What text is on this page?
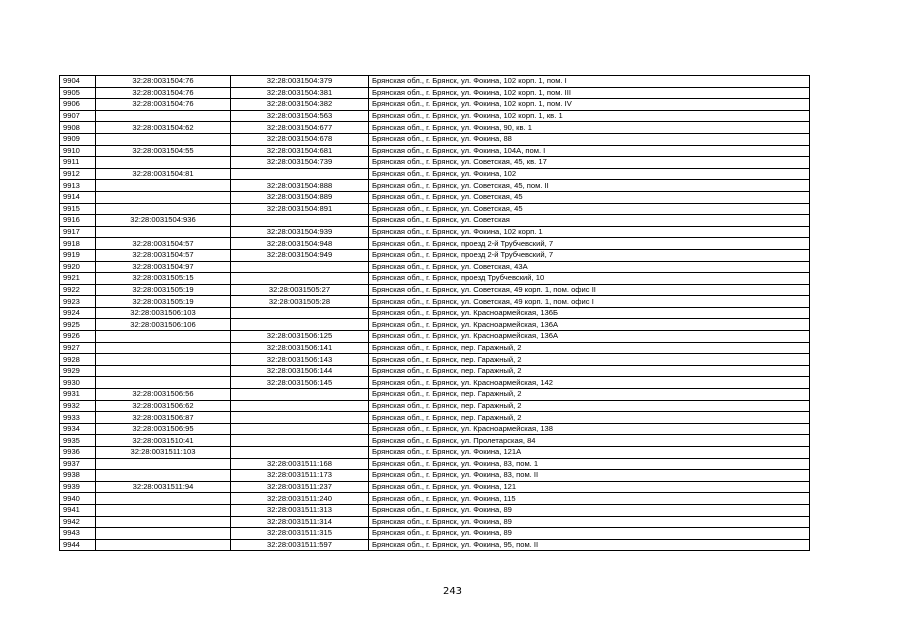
9904	32:28:0031504:76	32:28:0031504:379	Брянская обл., г. Брянск, ул. Фокина, 102 корп. 1, пом. I
9905	32:28:0031504:76	32:28:0031504:381	Брянская обл., г. Брянск, ул. Фокина, 102 корп. 1, пом. III
9906	32:28:0031504:76	32:28:0031504:382	Брянская обл., г. Брянск, ул. Фокина, 102 корп. 1, пом. IV
9907		32:28:0031504:563	Брянская обл., г. Брянск, ул. Фокина, 102 корп. 1, кв. 1
9908	32:28:0031504:62	32:28:0031504:677	Брянская обл., г. Брянск, ул. Фокина, 90, кв. 1
9909		32:28:0031504:678	Брянская обл., г. Брянск, ул. Фокина, 88
9910	32:28:0031504:55	32:28:0031504:681	Брянская обл., г. Брянск, ул. Фокина, 104А, пом. I
9911		32:28:0031504:739	Брянская обл., г. Брянск, ул. Советская, 45, кв. 17
9912	32:28:0031504:81		Брянская обл., г. Брянск, ул. Фокина, 102
9913		32:28:0031504:888	Брянская обл., г. Брянск, ул. Советская, 45, пом. II
9914		32:28:0031504:889	Брянская обл., г. Брянск, ул. Советская, 45
9915		32:28:0031504:891	Брянская обл., г. Брянск, ул. Советская, 45
9916	32:28:0031504:936		Брянская обл., г. Брянск, ул. Советская
9917		32:28:0031504:939	Брянская обл., г. Брянск, ул. Фокина, 102 корп. 1
9918	32:28:0031504:57	32:28:0031504:948	Брянская обл., г. Брянск, проезд 2-й Трубчевский, 7
9919	32:28:0031504:57	32:28:0031504:949	Брянская обл., г. Брянск, проезд 2-й Трубчевский, 7
9920	32:28:0031504:97		Брянская обл., г. Брянск, ул. Советская, 43А
9921	32:28:0031505:15		Брянская обл., г. Брянск, проезд Трубчевский, 10
9922	32:28:0031505:19	32:28:0031505:27	Брянская обл., г. Брянск, ул. Советская, 49 корп. 1, пом. офис II
9923	32:28:0031505:19	32:28:0031505:28	Брянская обл., г. Брянск, ул. Советская, 49 корп. 1, пом. офис I
9924	32:28:0031506:103		Брянская обл., г. Брянск, ул. Красноармейская, 136Б
9925	32:28:0031506:106		Брянская обл., г. Брянск, ул. Красноармейская, 136А
9926		32:28:0031506:125	Брянская обл., г. Брянск, ул. Красноармейская, 136А
9927		32:28:0031506:141	Брянская обл., г. Брянск, пер. Гаражный, 2
9928		32:28:0031506:143	Брянская обл., г. Брянск, пер. Гаражный, 2
9929		32:28:0031506:144	Брянская обл., г. Брянск, пер. Гаражный, 2
9930		32:28:0031506:145	Брянская обл., г. Брянск, ул. Красноармейская, 142
9931	32:28:0031506:56		Брянская обл., г. Брянск, пер. Гаражный, 2
9932	32:28:0031506:62		Брянская обл., г. Брянск, пер. Гаражный, 2
9933	32:28:0031506:87		Брянская обл., г. Брянск, пер. Гаражный, 2
9934	32:28:0031506:95		Брянская обл., г. Брянск, ул. Красноармейская, 138
9935	32:28:0031510:41		Брянская обл., г. Брянск, ул. Пролетарская, 84
9936	32:28:0031511:103		Брянская обл., г. Брянск, ул. Фокина, 121А
9937		32:28:0031511:168	Брянская обл., г. Брянск, ул. Фокина, 83, пом. 1
9938		32:28:0031511:173	Брянская обл., г. Брянск, ул. Фокина, 83, пом. II
9939	32:28:0031511:94	32:28:0031511:237	Брянская обл., г. Брянск, ул. Фокина, 121
9940		32:28:0031511:240	Брянская обл., г. Брянск, ул. Фокина, 115
9941		32:28:0031511:313	Брянская обл., г. Брянск, ул. Фокина, 89
9942		32:28:0031511:314	Брянская обл., г. Брянск, ул. Фокина, 89
9943		32:28:0031511:315	Брянская обл., г. Брянск, ул. Фокина, 89
9944		32:28:0031511:597	Брянская обл., г. Брянск, ул. Фокина, 95, пом. II
243
